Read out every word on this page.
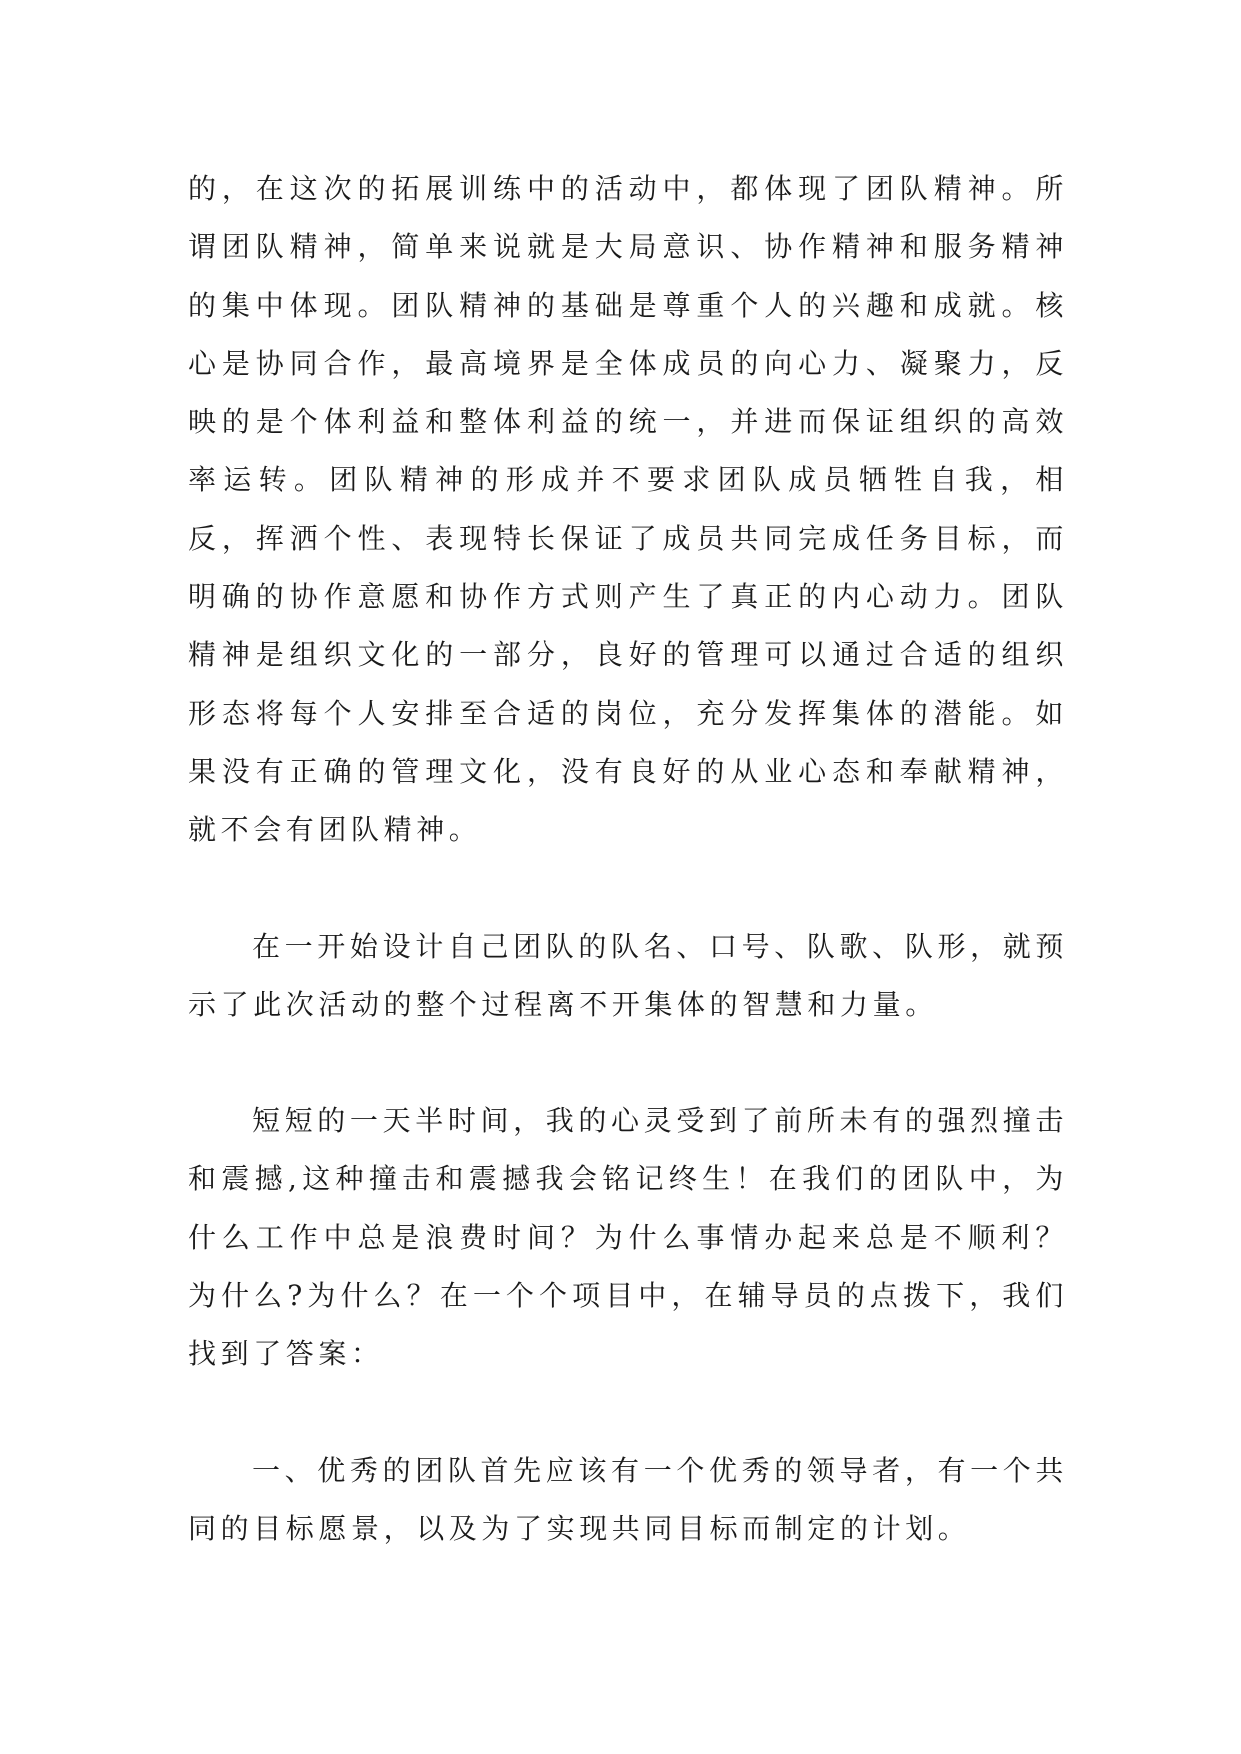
的，在这次的拓展训练中的活动中，都体现了团队精神。所谓团队精神，简单来说就是大局意识、协作精神和服务精神的集中体现。团队精神的基础是尊重个人的兴趣和成就。核心是协同合作，最高境界是全体成员的向心力、凝聚力，反映的是个体利益和整体利益的统一，并进而保证组织的高效率运转。团队精神的形成并不要求团队成员牺牲自我，相反，挥洒个性、表现特长保证了成员共同完成任务目标，而明确的协作意愿和协作方式则产生了真正的内心动力。团队精神是组织文化的一部分，良好的管理可以通过合适的组织形态将每个人安排至合适的岗位，充分发挥集体的潜能。如果没有正确的管理文化，没有良好的从业心态和奉献精神，就不会有团队精神。

在一开始设计自己团队的队名、口号、队歌、队形，就预示了此次活动的整个过程离不开集体的智慧和力量。

短短的一天半时间，我的心灵受到了前所未有的强烈撞击和震撼,这种撞击和震撼我会铭记终生！在我们的团队中，为什么工作中总是浪费时间？为什么事情办起来总是不顺利？为什么?为什么？在一个个项目中，在辅导员的点拨下，我们找到了答案：

一、优秀的团队首先应该有一个优秀的领导者，有一个共同的目标愿景，以及为了实现共同目标而制定的计划。
